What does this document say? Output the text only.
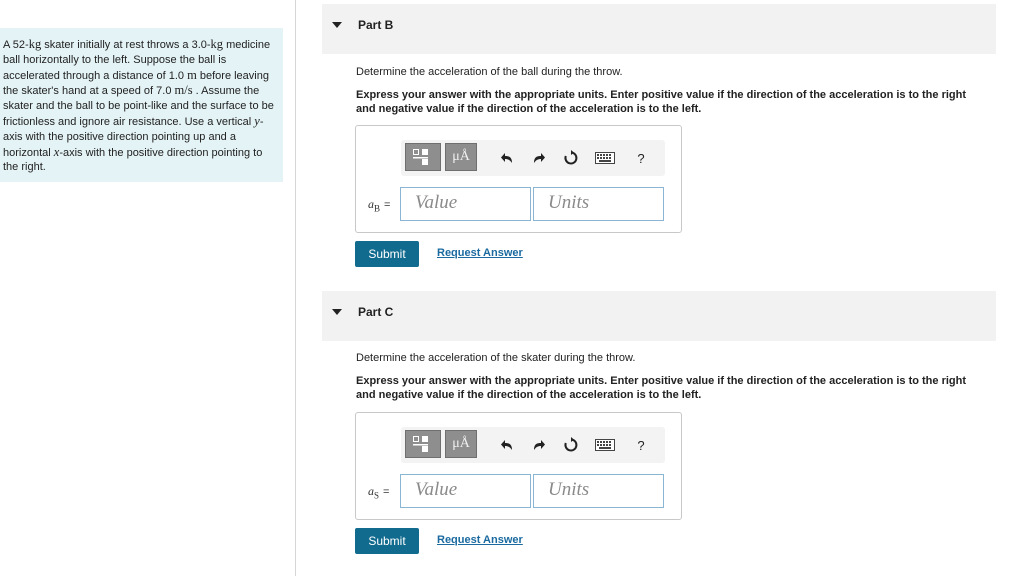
A 52-kg skater initially at rest throws a 3.0-kg medicine ball horizontally to the left. Suppose the ball is accelerated through a distance of 1.0 m before leaving the skater's hand at a speed of 7.0 m/s . Assume the skater and the ball to be point-like and the surface to be frictionless and ignore air resistance. Use a vertical y-axis with the positive direction pointing up and a horizontal x-axis with the positive direction pointing to the right.
Part B
Determine the acceleration of the ball during the throw.
Express your answer with the appropriate units. Enter positive value if the direction of the acceleration is to the right and negative value if the direction of the acceleration is to the left.
μÅ	?
$a_B$ =	Value	Units
Submit	Request Answer
Part C
Determine the acceleration of the skater during the throw.
Express your answer with the appropriate units. Enter positive value if the direction of the acceleration is to the right and negative value if the direction of the acceleration is to the left.
μÅ	?
$a_S$ =	Value	Units
Submit	Request Answer
